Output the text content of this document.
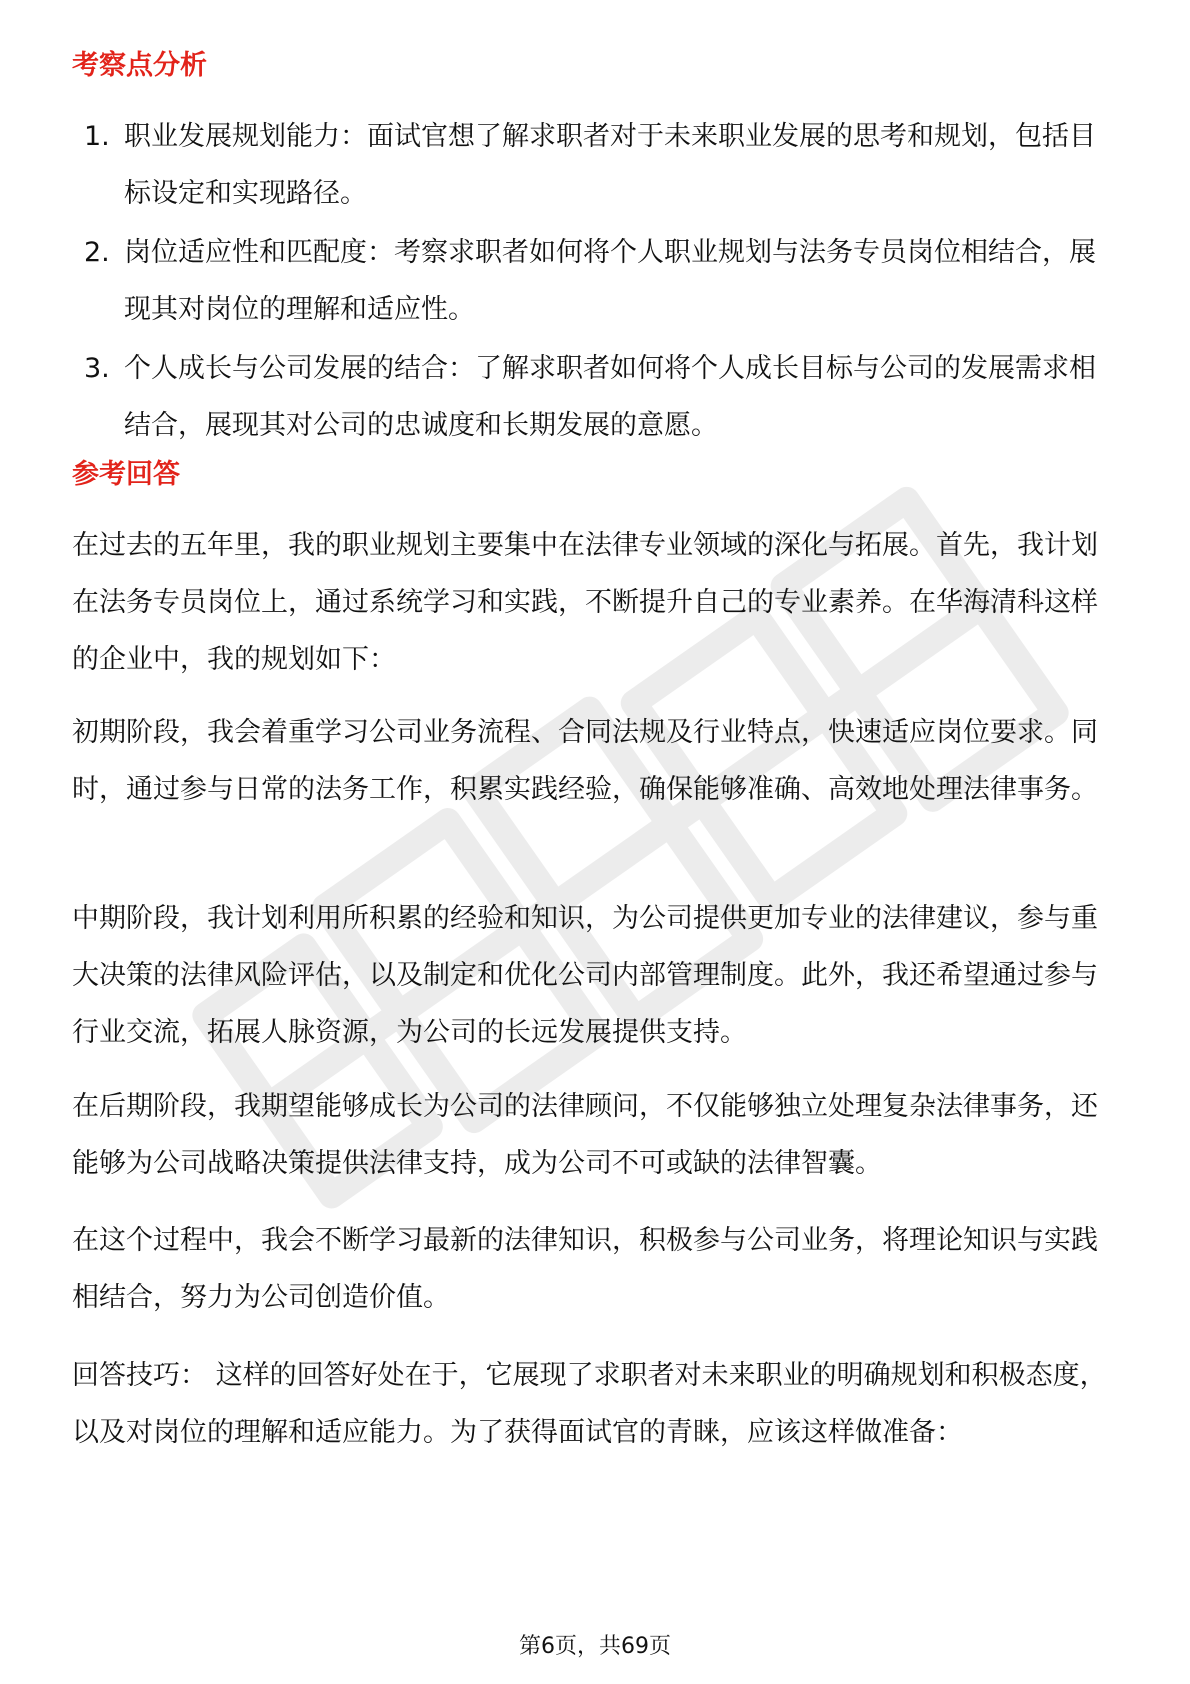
考察点分析
1. 职业发展规划能力：面试官想了解求职者对于未来职业发展的思考和规划，包括目标设定和实现路径。
2. 岗位适应性和匹配度：考察求职者如何将个人职业规划与法务专员岗位相结合，展现其对岗位的理解和适应性。
3. 个人成长与公司发展的结合：了解求职者如何将个人成长目标与公司的发展需求相结合，展现其对公司的忠诚度和长期发展的意愿。
参考回答

在过去的五年里，我的职业规划主要集中在法律专业领域的深化与拓展。首先，我计划在法务专员岗位上，通过系统学习和实践，不断提升自己的专业素养。在华海清科这样的企业中，我的规划如下：

初期阶段，我会着重学习公司业务流程、合同法规及行业特点，快速适应岗位要求。同时，通过参与日常的法务工作，积累实践经验，确保能够准确、高效地处理法律事务。

中期阶段，我计划利用所积累的经验和知识，为公司提供更加专业的法律建议，参与重大决策的法律风险评估，以及制定和优化公司内部管理制度。此外，我还希望通过参与行业交流，拓展人脉资源，为公司的长远发展提供支持。

在后期阶段，我期望能够成长为公司的法律顾问，不仅能够独立处理复杂法律事务，还能够为公司战略决策提供法律支持，成为公司不可或缺的法律智囊。

在这个过程中，我会不断学习最新的法律知识，积极参与公司业务，将理论知识与实践相结合，努力为公司创造价值。

回答技巧： 这样的回答好处在于，它展现了求职者对未来职业的明确规划和积极态度，以及对岗位的理解和适应能力。为了获得面试官的青睐，应该这样做准备：

第6页，共69页
